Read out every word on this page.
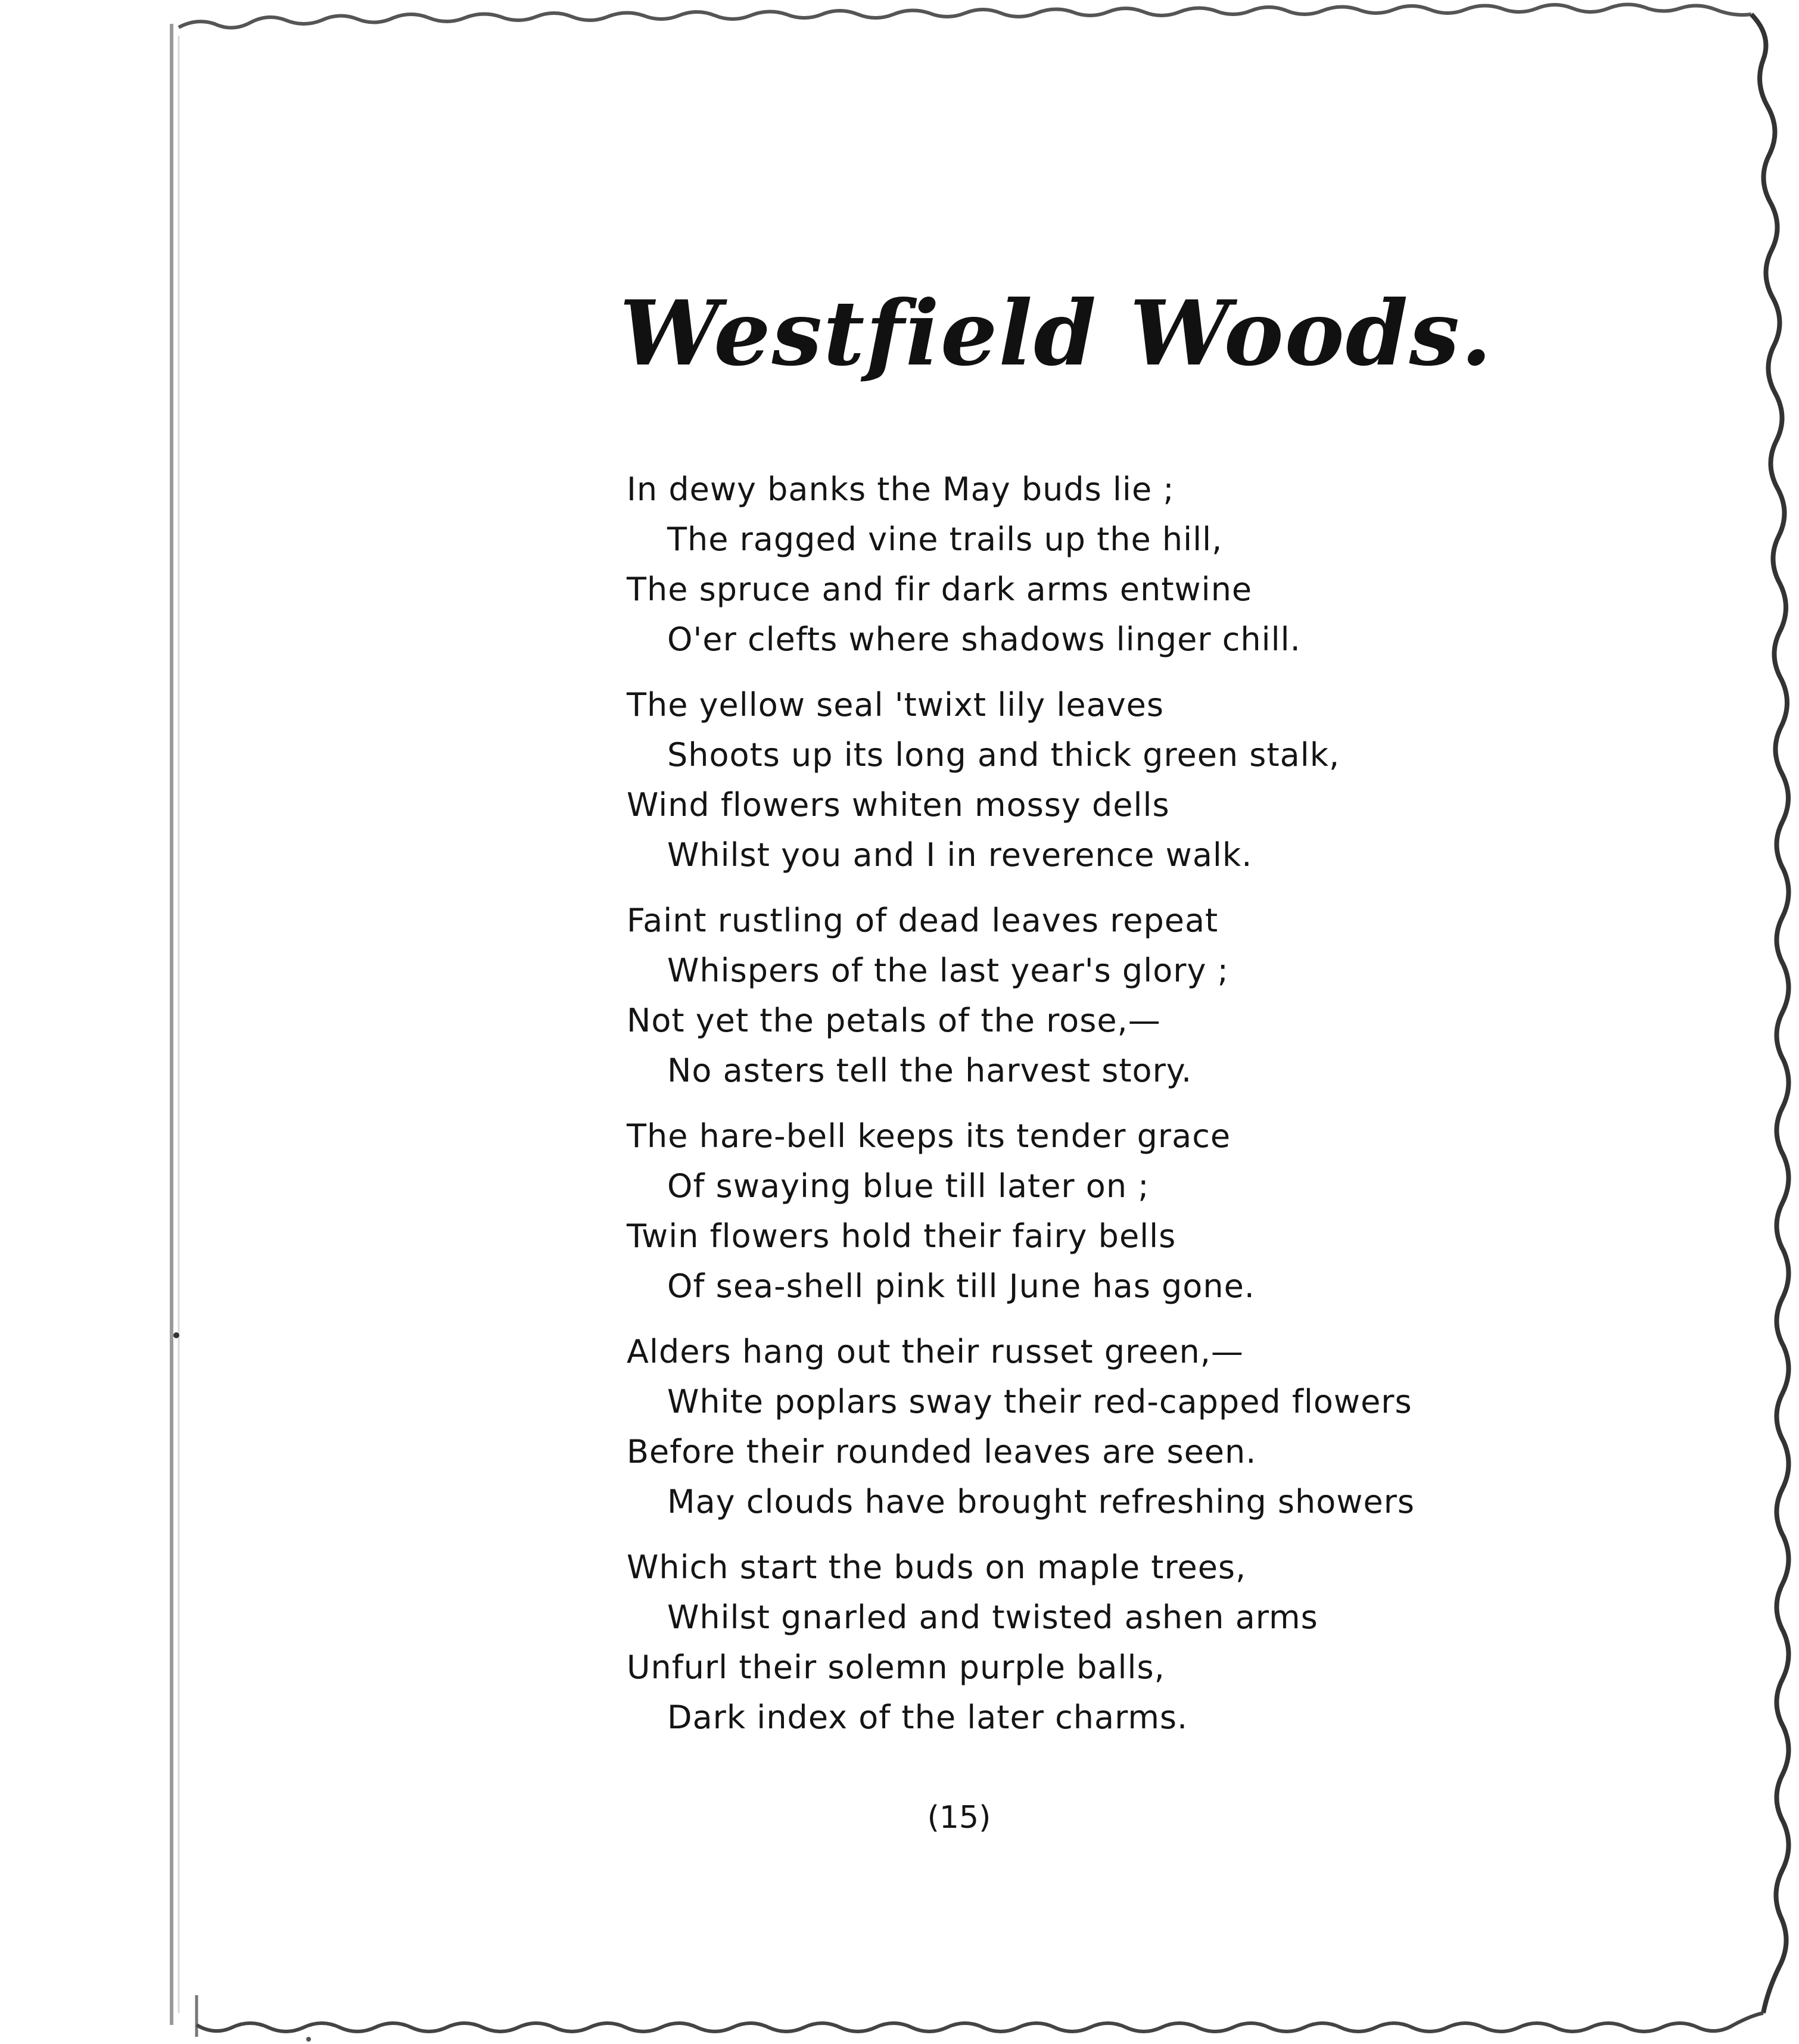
Westfield Woods.
In dewy banks the May buds lie ;
The ragged vine trails up the hill,
The spruce and fir dark arms entwine
O'er clefts where shadows linger chill.
The yellow seal 'twixt lily leaves
Shoots up its long and thick green stalk,
Wind flowers whiten mossy dells
Whilst you and I in reverence walk.
Faint rustling of dead leaves repeat
Whispers of the last year's glory ;
Not yet the petals of the rose,—
No asters tell the harvest story.
The hare-bell keeps its tender grace
Of swaying blue till later on ;
Twin flowers hold their fairy bells
Of sea-shell pink till June has gone.
Alders hang out their russet green,—
White poplars sway their red-capped flowers
Before their rounded leaves are seen.
May clouds have brought refreshing showers
Which start the buds on maple trees,
Whilst gnarled and twisted ashen arms
Unfurl their solemn purple balls,
Dark index of the later charms.
(15)
